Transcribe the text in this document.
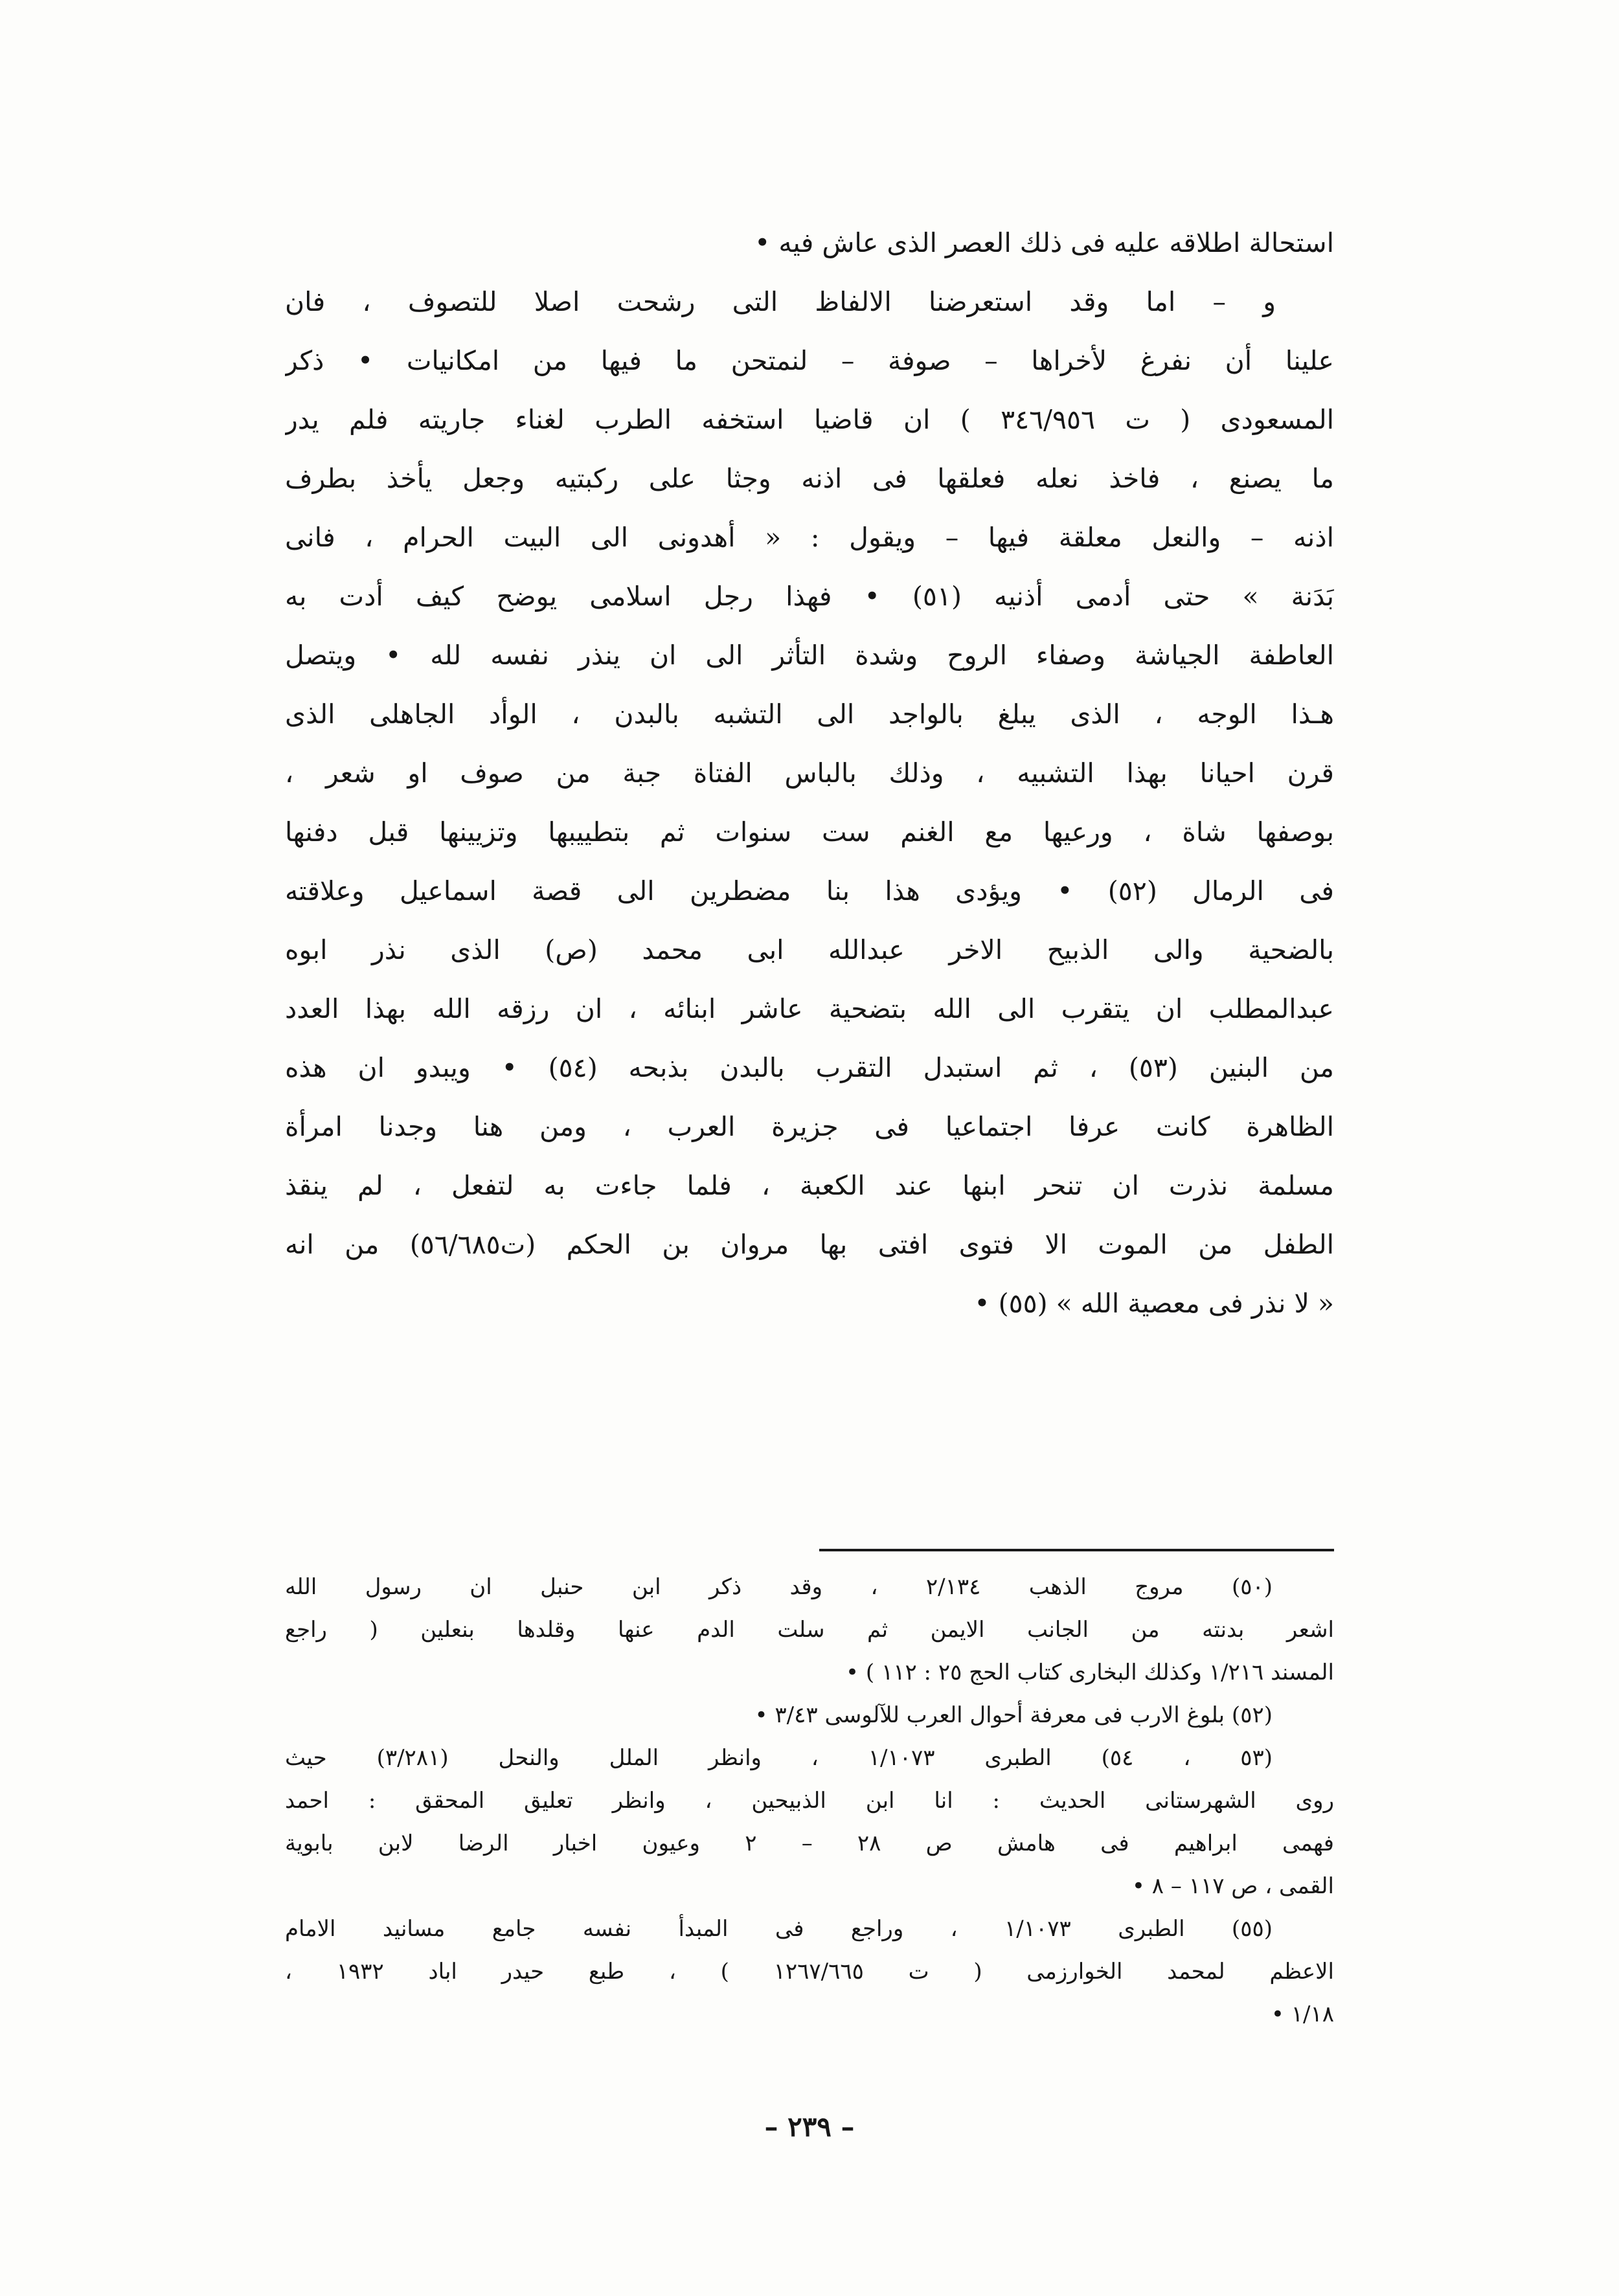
استحالة اطلاقه عليه فى ذلك العصر الذى عاش فيه •
و – اما وقد استعرضنا الالفاظ التى رشحت اصلا للتصوف ، فان
علينا أن نفرغ لأخراها – صوفة – لنمتحن ما فيها من امكانيات • ذكر
المسعودى ( ت ٣٤٦/٩٥٦ ) ان قاضيا استخفه الطرب لغناء جاريته فلم يدر
ما يصنع ، فاخذ نعله فعلقها فى اذنه وجثا على ركبتيه وجعل يأخذ بطرف
اذنه – والنعل معلقة فيها – ويقول : « أهدونى الى البيت الحرام ، فانى
بَدَنة » حتى أدمى أذنيه (٥١) • فهذا رجل اسلامى يوضح كيف أدت به
العاطفة الجياشة وصفاء الروح وشدة التأثر الى ان ينذر نفسه لله • ويتصل
هـذا الوجه ، الذى يبلغ بالواجد الى التشبه بالبدن ، الوأد الجاهلى الذى
قرن احيانا بهذا التشبيه ، وذلك بالباس الفتاة جبة من صوف او شعر ،
بوصفها شاة ، ورعيها مع الغنم ست سنوات ثم بتطييبها وتزيينها قبل دفنها
فى الرمال (٥٢) • ويؤدى هذا بنا مضطرين الى قصة اسماعيل وعلاقته
بالضحية والى الذبيح الاخر عبدالله ابى محمد (ص) الذى نذر ابوه
عبدالمطلب ان يتقرب الى الله بتضحية عاشر ابنائه ، ان رزقه الله بهذا العدد
من البنين (٥٣) ، ثم استبدل التقرب بالبدن بذبحه (٥٤) • ويبدو ان هذه
الظاهرة كانت عرفا اجتماعيا فى جزيرة العرب ، ومن هنا وجدنا امرأة
مسلمة نذرت ان تنحر ابنها عند الكعبة ، فلما جاءت به لتفعل ، لم ينقذ
الطفل من الموت الا فتوى افتى بها مروان بن الحكم (ت٥٦/٦٨٥) من انه
« لا نذر فى معصية الله » (٥٥) •
(٥٠) مروج الذهب ٢/١٣٤ ، وقد ذكر ابن حنبل ان رسول الله
اشعر بدنته من الجانب الايمن ثم سلت الدم عنها وقلدها بنعلين ( راجع
المسند ١/٢١٦ وكذلك البخارى كتاب الحج ٢٥ : ١١٢ ) •
(٥٢) بلوغ الارب فى معرفة أحوال العرب للآلوسى ٣/٤٣ •
(٥٣ ، ٥٤) الطبرى ١/١٠٧٣ ، وانظر الملل والنحل (٣/٢٨١) حيث
روى الشهرستانى الحديث : انا ابن الذبيحين ، وانظر تعليق المحقق : احمد
فهمى ابراهيم فى هامش ص ٢٨ – ٢ وعيون اخبار الرضا لابن بابوية
القمى ، ص ١١٧ – ٨ •
(٥٥) الطبرى ١/١٠٧٣ ، وراجع فى المبدأ نفسه جامع مسانيد الامام
الاعظم لمحمد الخوارزمى ( ت ١٢٦٧/٦٦٥ ) ، طبع حيدر اباد ١٩٣٢ ،
١/١٨ •
– ٢٣٩ –
